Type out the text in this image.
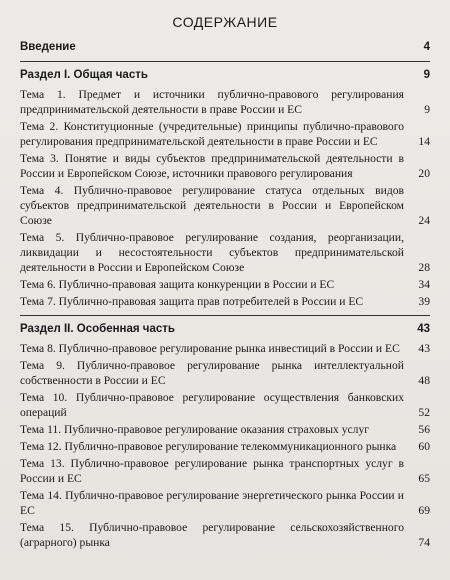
СОДЕРЖАНИЕ
Введение	4
Раздел I. Общая часть	9
Тема 1. Предмет и источники публично-правового регулирования предпринимательской деятельности в праве России и ЕС	9
Тема 2. Конституционные (учредительные) принципы публично-правового регулирования предпринимательской деятельности в праве России и ЕС	14
Тема 3. Понятие и виды субъектов предпринимательской деятельности в России и Европейском Союзе, источники правового регулирования	20
Тема 4. Публично-правовое регулирование статуса отдельных видов субъектов предпринимательской деятельности в России и Европейском Союзе	24
Тема 5. Публично-правовое регулирование создания, реорганизации, ликвидации и несостоятельности субъектов предпринимательской деятельности в России и Европейском Союзе	28
Тема 6. Публично-правовая защита конкуренции в России и ЕС	34
Тема 7. Публично-правовая защита прав потребителей в России и ЕС	39
Раздел II. Особенная часть	43
Тема 8. Публично-правовое регулирование рынка инвестиций в России и ЕС	43
Тема 9. Публично-правовое регулирование рынка интеллектуальной собственности в России и ЕС	48
Тема 10. Публично-правовое регулирование осуществления банковских операций	52
Тема 11. Публично-правовое регулирование оказания страховых услуг	56
Тема 12. Публично-правовое регулирование телекоммуникационного рынка	60
Тема 13. Публично-правовое регулирование рынка транспортных услуг в России и ЕС	65
Тема 14. Публично-правовое регулирование энергетического рынка России и ЕС	69
Тема 15. Публично-правовое регулирование сельскохозяйственного (аграрного) рынка	74
